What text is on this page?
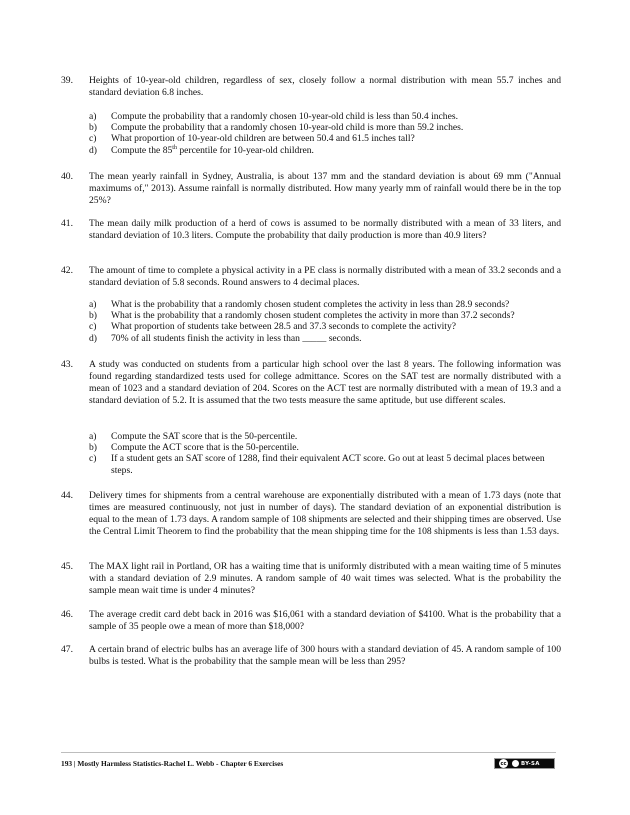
39. Heights of 10-year-old children, regardless of sex, closely follow a normal distribution with mean 55.7 inches and standard deviation 6.8 inches.
a) Compute the probability that a randomly chosen 10-year-old child is less than 50.4 inches.
b) Compute the probability that a randomly chosen 10-year-old child is more than 59.2 inches.
c) What proportion of 10-year-old children are between 50.4 and 61.5 inches tall?
d) Compute the 85th percentile for 10-year-old children.
40. The mean yearly rainfall in Sydney, Australia, is about 137 mm and the standard deviation is about 69 mm ("Annual maximums of," 2013). Assume rainfall is normally distributed. How many yearly mm of rainfall would there be in the top 25%?
41. The mean daily milk production of a herd of cows is assumed to be normally distributed with a mean of 33 liters, and standard deviation of 10.3 liters. Compute the probability that daily production is more than 40.9 liters?
42. The amount of time to complete a physical activity in a PE class is normally distributed with a mean of 33.2 seconds and a standard deviation of 5.8 seconds. Round answers to 4 decimal places.
a) What is the probability that a randomly chosen student completes the activity in less than 28.9 seconds?
b) What is the probability that a randomly chosen student completes the activity in more than 37.2 seconds?
c) What proportion of students take between 28.5 and 37.3 seconds to complete the activity?
d) 70% of all students finish the activity in less than _____ seconds.
43. A study was conducted on students from a particular high school over the last 8 years. The following information was found regarding standardized tests used for college admittance. Scores on the SAT test are normally distributed with a mean of 1023 and a standard deviation of 204. Scores on the ACT test are normally distributed with a mean of 19.3 and a standard deviation of 5.2. It is assumed that the two tests measure the same aptitude, but use different scales.
a) Compute the SAT score that is the 50-percentile.
b) Compute the ACT score that is the 50-percentile.
c) If a student gets an SAT score of 1288, find their equivalent ACT score. Go out at least 5 decimal places between steps.
44. Delivery times for shipments from a central warehouse are exponentially distributed with a mean of 1.73 days (note that times are measured continuously, not just in number of days). The standard deviation of an exponential distribution is equal to the mean of 1.73 days. A random sample of 108 shipments are selected and their shipping times are observed. Use the Central Limit Theorem to find the probability that the mean shipping time for the 108 shipments is less than 1.53 days.
45. The MAX light rail in Portland, OR has a waiting time that is uniformly distributed with a mean waiting time of 5 minutes with a standard deviation of 2.9 minutes. A random sample of 40 wait times was selected. What is the probability the sample mean wait time is under 4 minutes?
46. The average credit card debt back in 2016 was $16,061 with a standard deviation of $4100. What is the probability that a sample of 35 people owe a mean of more than $18,000?
47. A certain brand of electric bulbs has an average life of 300 hours with a standard deviation of 45. A random sample of 100 bulbs is tested. What is the probability that the sample mean will be less than 295?
193 | Mostly Harmless Statistics-Rachel L. Webb - Chapter 6 Exercises	cc	BY-SA
